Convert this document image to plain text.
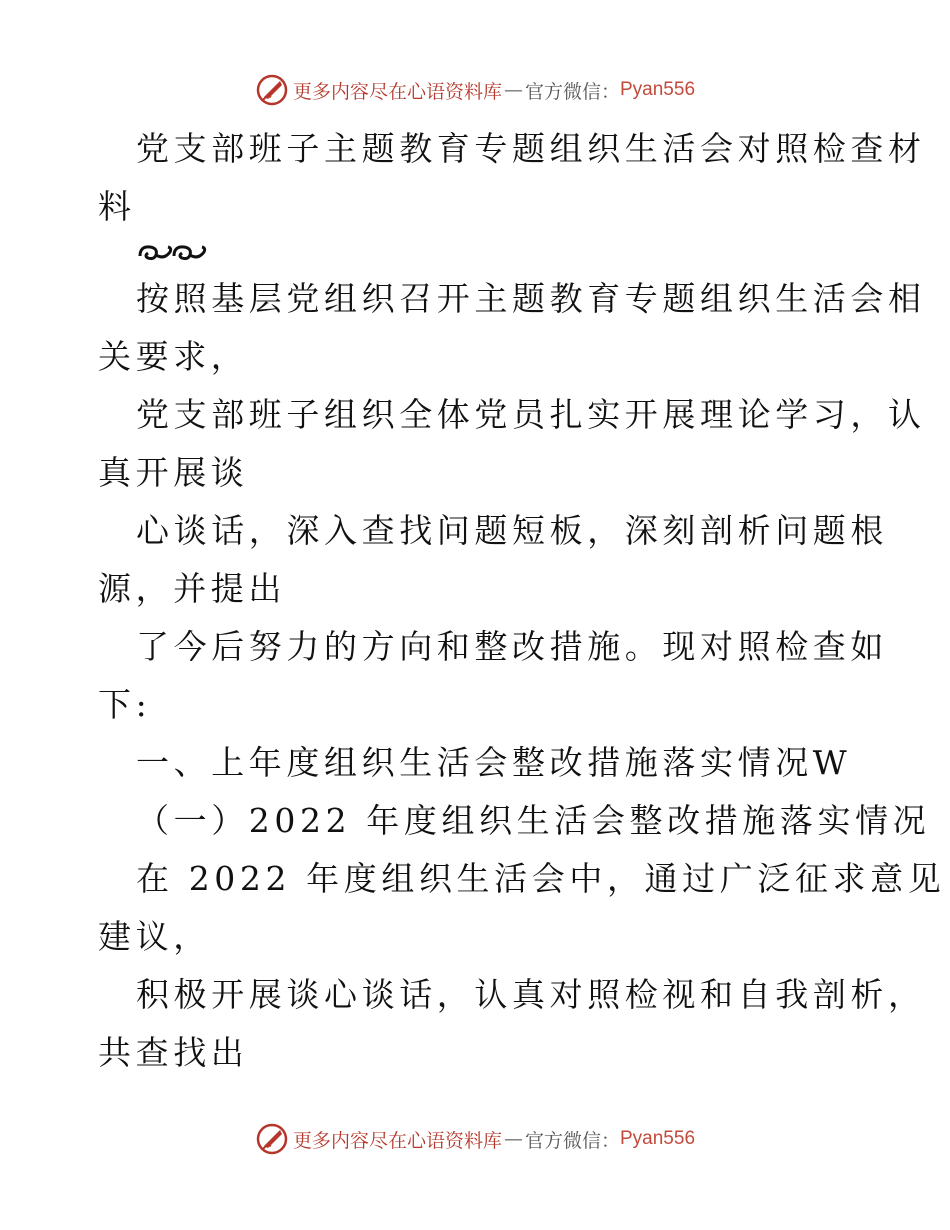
更多内容尽在心语资料库 — 官方微信： Pyan556

党支部班子主题教育专题组织生活会对照检查材

料

按照基层党组织召开主题教育专题组织生活会相

关要求，

党支部班子组织全体党员扎实开展理论学习，认

真开展谈

心谈话，深入查找问题短板，深刻剖析问题根

源，并提出

了今后努力的方向和整改措施。现对照检查如

下:

一、上年度组织生活会整改措施落实情况W

（一）2022 年度组织生活会整改措施落实情况

在 2022 年度组织生活会中，通过广泛征求意见

建议，

积极开展谈心谈话，认真对照检视和自我剖析，

共查找出

更多内容尽在心语资料库 — 官方微信： Pyan556
